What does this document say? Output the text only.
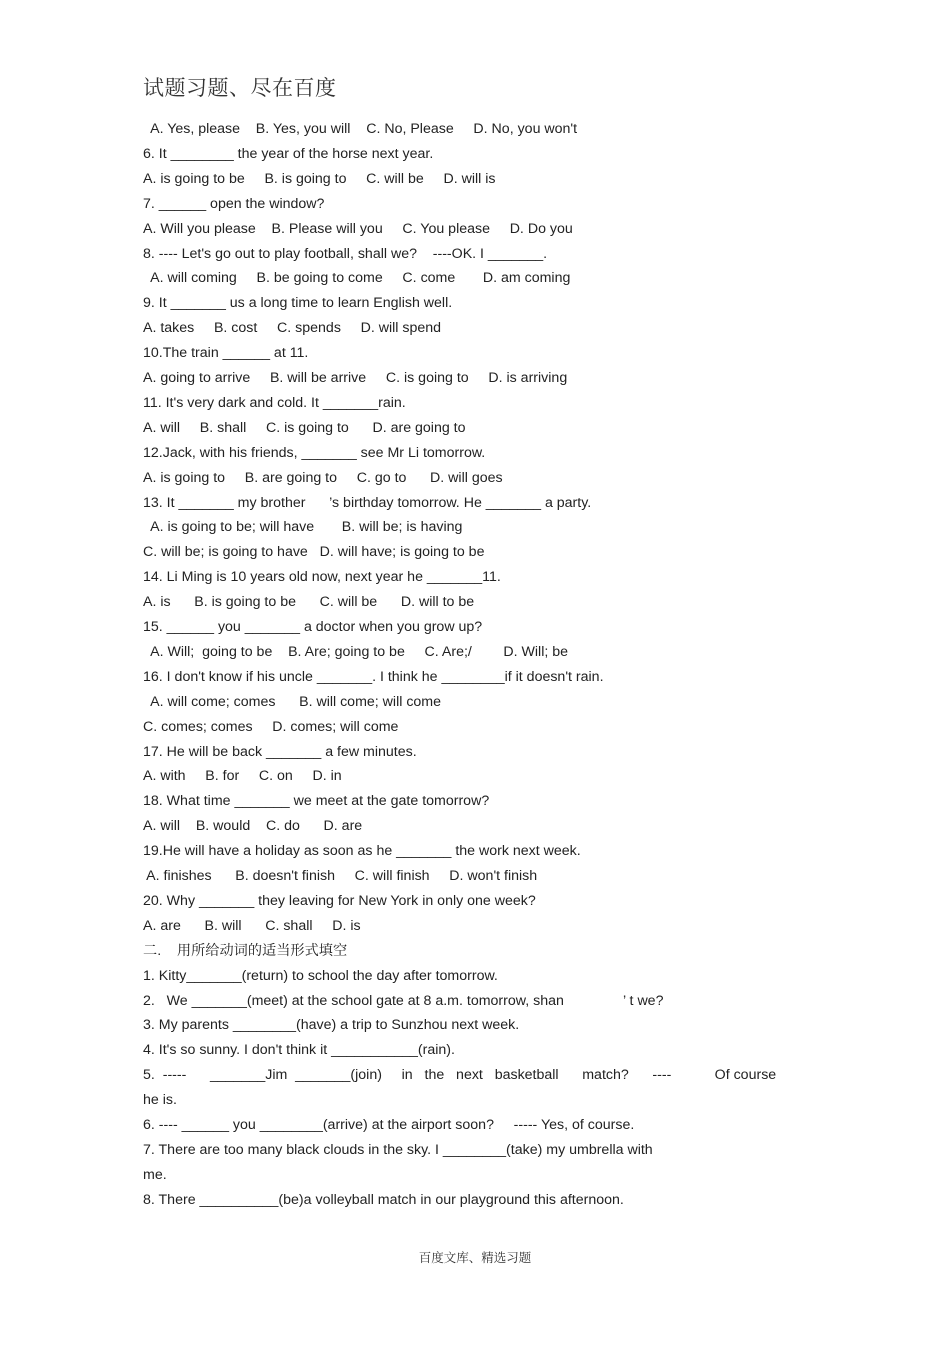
试题习题、尽在百度
A. Yes, please    B. Yes, you will    C. No, Please     D. No, you won't
6. It ________ the year of the horse next year.
A. is going to be     B. is going to     C. will be     D. will is
7. ______ open the window?
A. Will you please    B. Please will you     C. You please     D. Do you
8. ---- Let's go out to play football, shall we?    ----OK. I _______.
A. will coming     B. be going to come     C. come       D. am coming
9. It _______ us a long time to learn English well.
A. takes     B. cost     C. spends     D. will spend
10.The train ______ at 11.
A. going to arrive     B. will be arrive     C. is going to     D. is arriving
11. It's very dark and cold. It _______rain.
A. will     B. shall     C. is going to      D. are going to
12.Jack, with his friends, _______ see Mr Li tomorrow.
A. is going to     B. are going to     C. go to      D. will goes
13. It _______ my brother      ’s birthday tomorrow. He _______ a party.
A. is going to be; will have       B. will be; is having
C. will be; is going to have   D. will have; is going to be
14. Li Ming is 10 years old now, next year he _______11.
A. is      B. is going to be      C. will be      D. will to be
15. ______ you _______ a doctor when you grow up?
A. Will;  going to be    B. Are; going to be     C. Are;/        D. Will; be
16. I don't know if his uncle _______. I think he ________if it doesn't rain.
A. will come; comes      B. will come; will come
C. comes; comes     D. comes; will come
17. He will be back _______ a few minutes.
A. with     B. for     C. on     D. in
18. What time _______ we meet at the gate tomorrow?
A. will    B. would    C. do      D. are
19.He will have a holiday as soon as he _______ the work next week.
A. finishes      B. doesn't finish     C. will finish     D. won't finish
20. Why _______ they leaving for New York in only one week?
A. are      B. will      C. shall     D. is
二.    用所给动词的适当形式填空
1. Kitty_______(return) to school the day after tomorrow.
2.   We _______(meet) at the school gate at 8 a.m. tomorrow, shan               ’ t we?
3. My parents ________(have) a trip to Sunzhou next week.
4. It's so sunny. I don't think it ___________(rain).
5.  -----      _______Jim  _______(join)     in   the   next   basketball      match?      ----           Of course
he is.
6. ---- ______ you ________(arrive) at the airport soon?     ----- Yes, of course.
7. There are too many black clouds in the sky. I ________(take) my umbrella with
me.
8. There __________(be)a volleyball match in our playground this afternoon.
百度文库、精选习题
